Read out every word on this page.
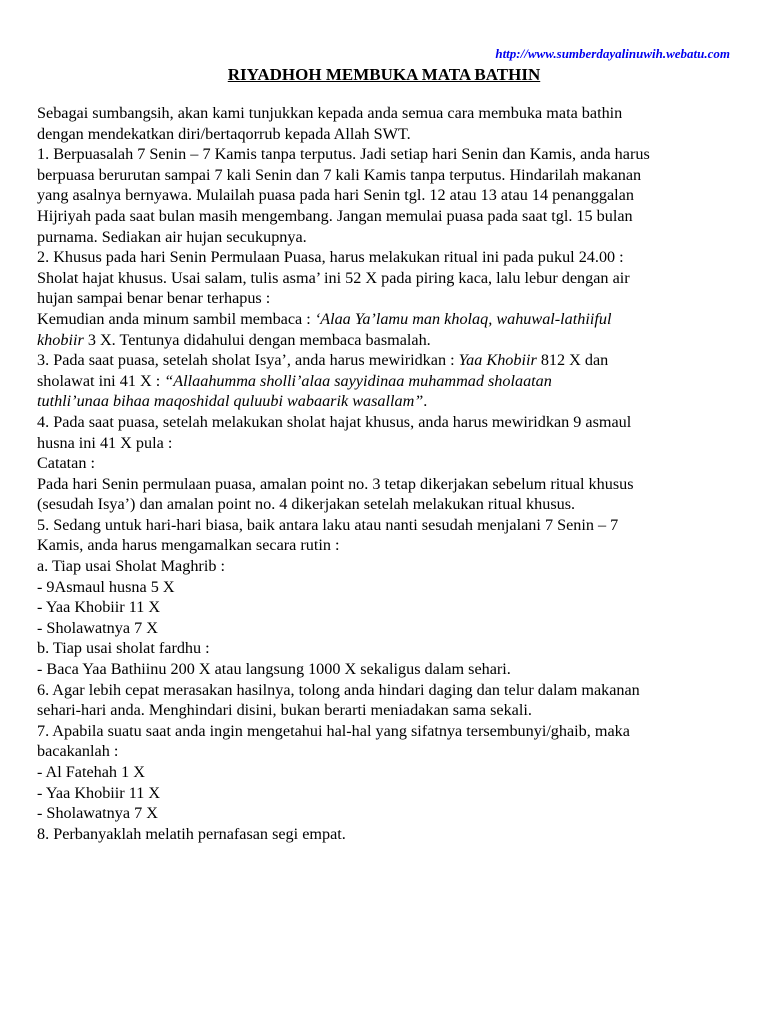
http://www.sumberdayalinuwih.webatu.com
RIYADHOH MEMBUKA MATA BATHIN
Sebagai sumbangsih, akan kami tunjukkan kepada anda semua cara membuka mata bathin
dengan mendekatkan diri/bertaqorrub kepada Allah SWT.
1. Berpuasalah 7 Senin – 7 Kamis tanpa terputus. Jadi setiap hari Senin dan Kamis, anda harus
berpuasa berurutan sampai 7 kali Senin dan 7 kali Kamis tanpa terputus. Hindarilah makanan
yang asalnya bernyawa. Mulailah puasa pada hari Senin tgl. 12 atau 13 atau 14 penanggalan
Hijriyah pada saat bulan masih mengembang. Jangan memulai puasa pada saat tgl. 15 bulan
purnama. Sediakan air hujan secukupnya.
2. Khusus pada hari Senin Permulaan Puasa, harus melakukan ritual ini pada pukul 24.00 :
Sholat hajat khusus. Usai salam, tulis asma’ ini 52 X pada piring kaca, lalu lebur dengan air
hujan sampai benar benar terhapus :
Kemudian anda minum sambil membaca : ‘Alaa Ya’lamu man kholaq, wahuwal-lathiiful
khobiir 3 X. Tentunya didahului dengan membaca basmalah.
3. Pada saat puasa, setelah sholat Isya’, anda harus mewiridkan : Yaa Khobiir 812 X dan
sholawat ini 41 X : “Allaahumma sholli’alaa sayyidinaa muhammad sholaatan
tuthli’unaa bihaa maqoshidal quluubi wabaarik wasallam”.
4. Pada saat puasa, setelah melakukan sholat hajat khusus, anda harus mewiridkan 9 asmaul
husna ini 41 X pula :
Catatan :
Pada hari Senin permulaan puasa, amalan point no. 3 tetap dikerjakan sebelum ritual khusus
(sesudah Isya’) dan amalan point no. 4 dikerjakan setelah melakukan ritual khusus.
5. Sedang untuk hari-hari biasa, baik antara laku atau nanti sesudah menjalani 7 Senin – 7
Kamis, anda harus mengamalkan secara rutin :
a. Tiap usai Sholat Maghrib :
- 9Asmaul husna 5 X
- Yaa Khobiir 11 X
- Sholawatnya 7 X
b. Tiap usai sholat fardhu :
- Baca Yaa Bathiinu 200 X atau langsung 1000 X sekaligus dalam sehari.
6. Agar lebih cepat merasakan hasilnya, tolong anda hindari daging dan telur dalam makanan
sehari-hari anda. Menghindari disini, bukan berarti meniadakan sama sekali.
7. Apabila suatu saat anda ingin mengetahui hal-hal yang sifatnya tersembunyi/ghaib, maka
bacakanlah :
- Al Fatehah 1 X
- Yaa Khobiir 11 X
- Sholawatnya 7 X
8. Perbanyaklah melatih pernafasan segi empat.
